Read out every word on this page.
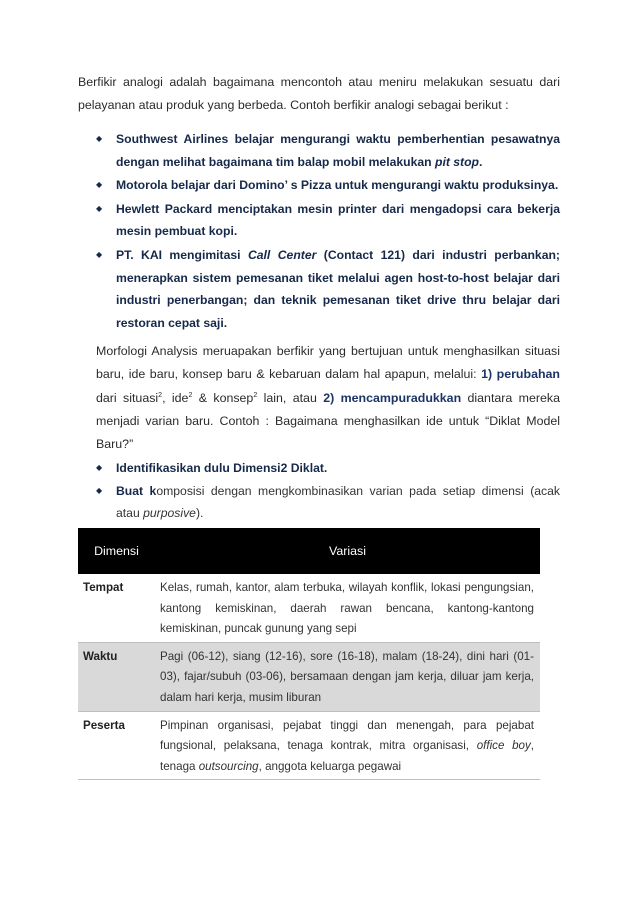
Berfikir analogi adalah bagaimana mencontoh atau meniru melakukan sesuatu dari pelayanan atau produk yang berbeda. Contoh berfikir analogi sebagai berikut :

◆ Southwest Airlines belajar mengurangi waktu pemberhentian pesawatnya dengan melihat bagaimana tim balap mobil melakukan pit stop.
◆ Motorola belajar dari Domino’ s Pizza untuk mengurangi waktu produksinya.
◆ Hewlett Packard menciptakan mesin printer dari mengadopsi cara bekerja mesin pembuat kopi.
◆ PT. KAI mengimitasi Call Center (Contact 121) dari industri perbankan; menerapkan sistem pemesanan tiket melalui agen host-to-host belajar dari industri penerbangan; dan teknik pemesanan tiket drive thru belajar dari restoran cepat saji.

Morfologi Analysis meruapakan berfikir yang bertujuan untuk menghasilkan situasi baru, ide baru, konsep baru & kebaruan dalam hal apapun, melalui: 1) perubahan dari situasi$^2$, ide$^2$ & konsep$^2$ lain, atau 2) mencampuradukkan diantara mereka menjadi varian baru. Contoh : Bagaimana menghasilkan ide untuk “Diklat Model Baru?”

◆ Identifikasikan dulu Dimensi2 Diklat.
◆ Buat komposisi dengan mengkombinasikan varian pada setiap dimensi (acak atau purposive).
Dimensi	Variasi
Tempat	Kelas, rumah, kantor, alam terbuka, wilayah konflik, lokasi pengungsian, kantong kemiskinan, daerah rawan bencana, kantong-kantong kemiskinan, puncak gunung yang sepi
Waktu	Pagi (06-12), siang (12-16), sore (16-18), malam (18-24), dini hari (01-03), fajar/subuh (03-06), bersamaan dengan jam kerja, diluar jam kerja, dalam hari kerja, musim liburan
Peserta	Pimpinan organisasi, pejabat tinggi dan menengah, para pejabat fungsional, pelaksana, tenaga kontrak, mitra organisasi, office boy, tenaga outsourcing, anggota keluarga pegawai
